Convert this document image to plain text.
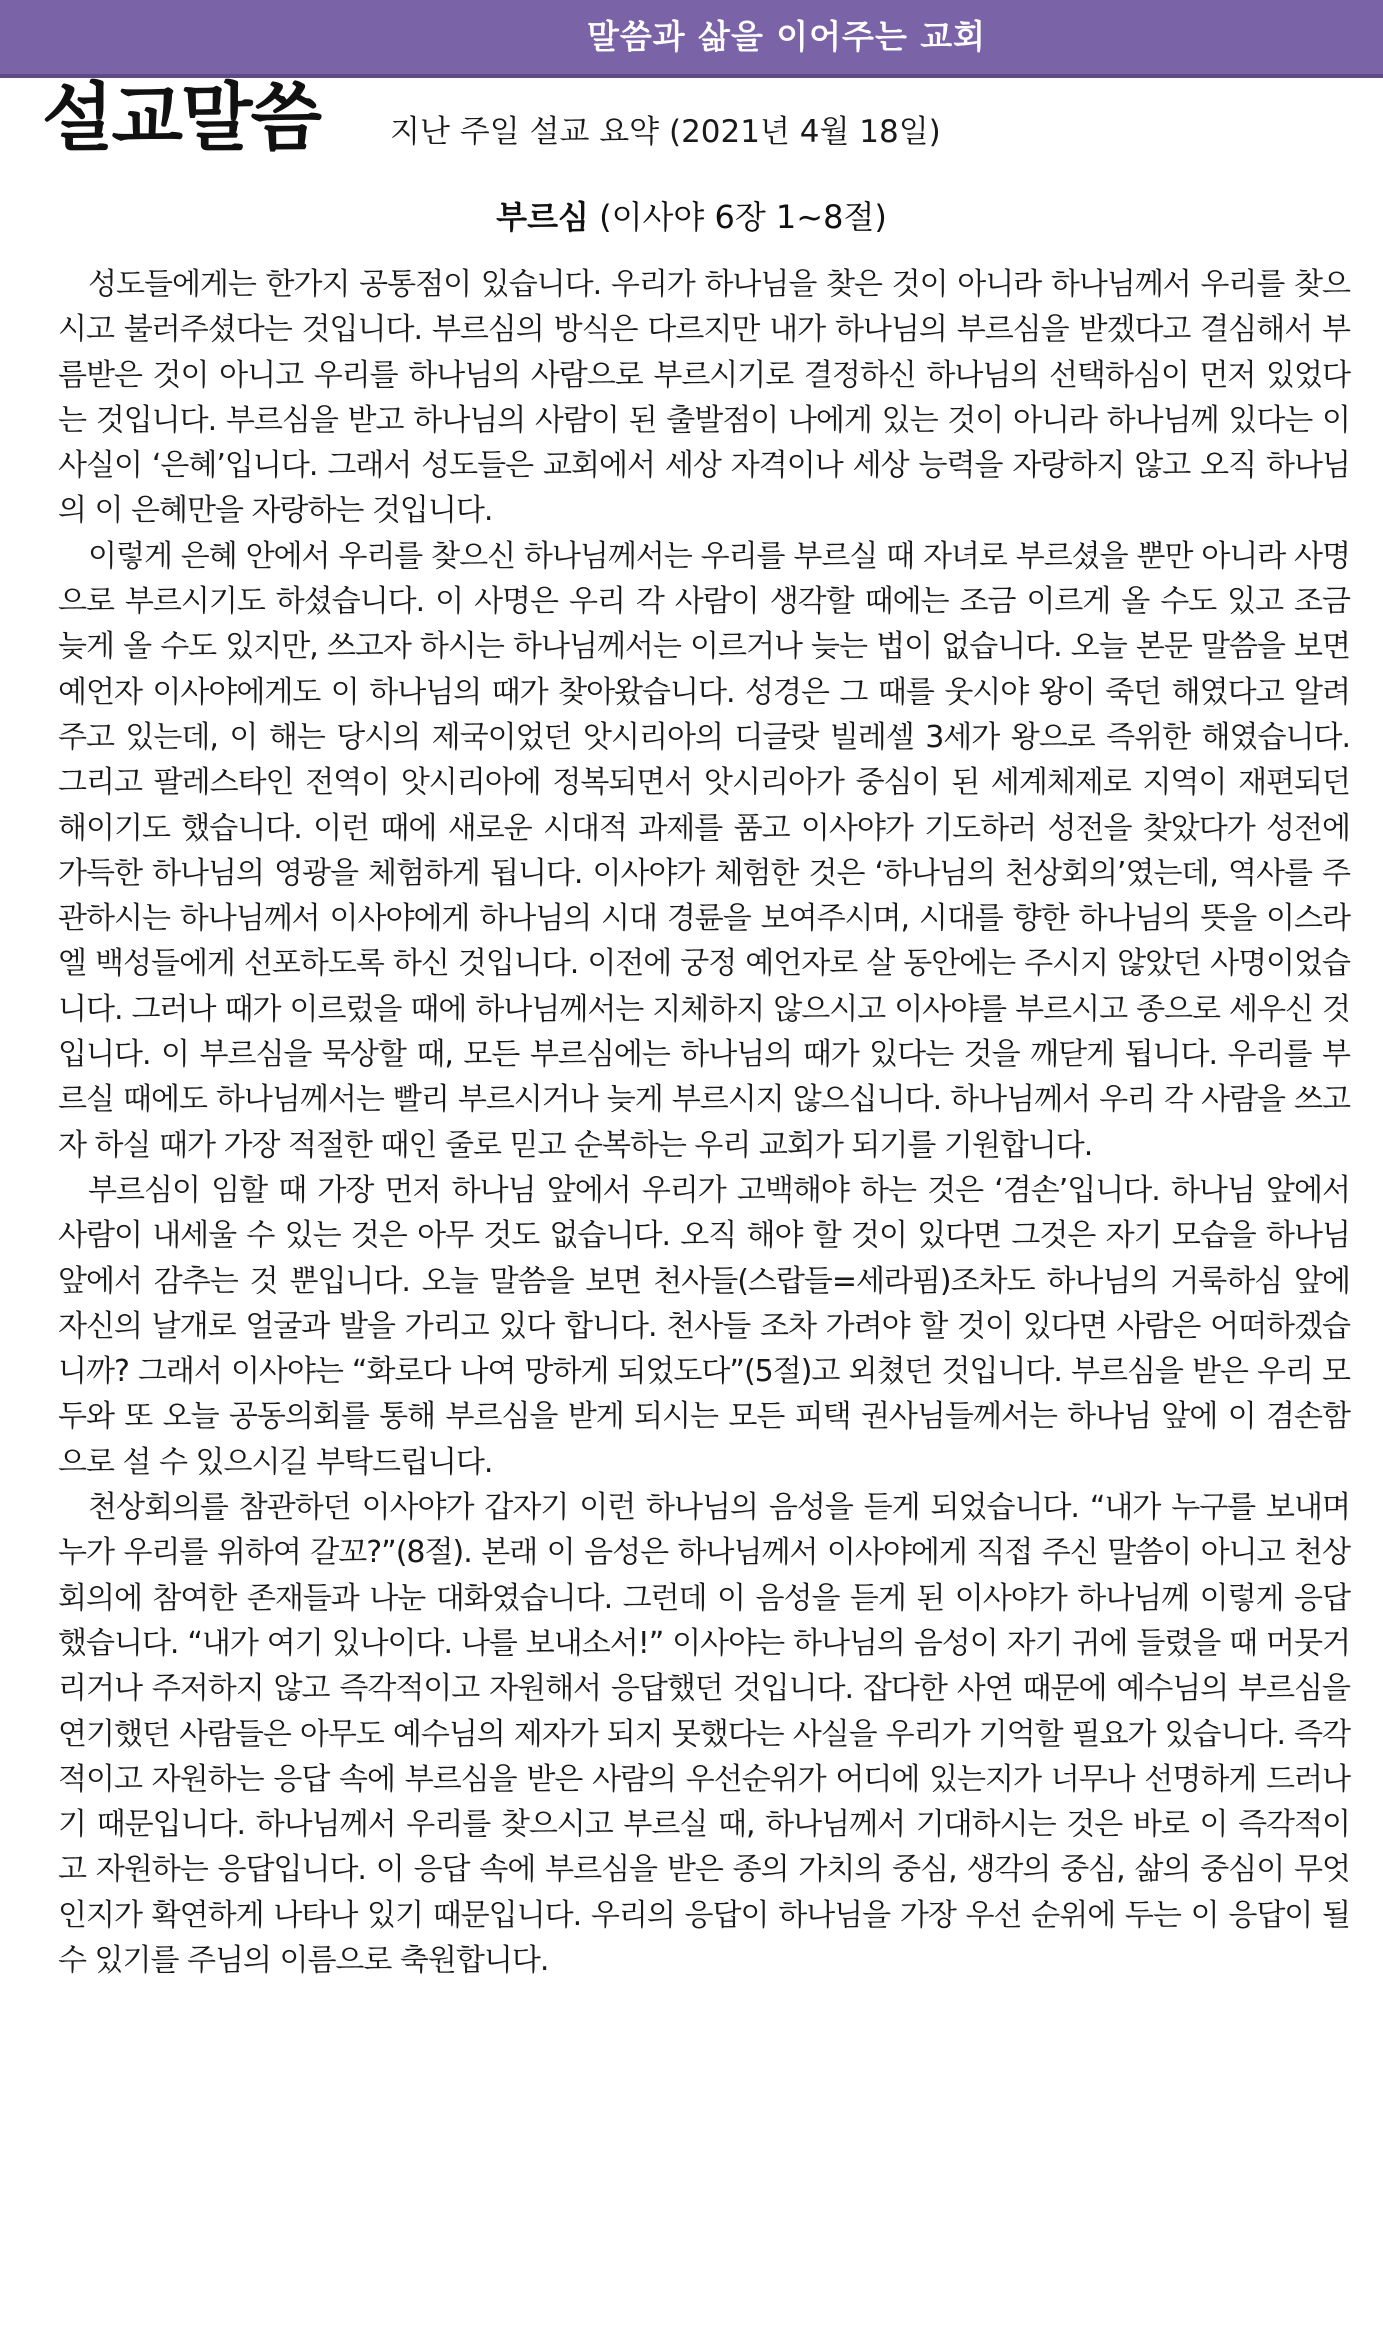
말씀과 삶을 이어주는 교회
설교말씀 지난 주일 설교 요약 (2021년 4월 18일)
부르심 (이사야 6장 1~8절)

성도들에게는 한가지 공통점이 있습니다. 우리가 하나님을 찾은 것이 아니라 하나님께서 우리를 찾으시고 불러주셨다는 것입니다. 부르심의 방식은 다르지만 내가 하나님의 부르심을 받겠다고 결심해서 부름받은 것이 아니고 우리를 하나님의 사람으로 부르시기로 결정하신 하나님의 선택하심이 먼저 있었다는 것입니다. 부르심을 받고 하나님의 사람이 된 출발점이 나에게 있는 것이 아니라 하나님께 있다는 이 사실이 ‘은혜’입니다. 그래서 성도들은 교회에서 세상 자격이나 세상 능력을 자랑하지 않고 오직 하나님의 이 은혜만을 자랑하는 것입니다.

이렇게 은혜 안에서 우리를 찾으신 하나님께서는 우리를 부르실 때 자녀로 부르셨을 뿐만 아니라 사명으로 부르시기도 하셨습니다. 이 사명은 우리 각 사람이 생각할 때에는 조금 이르게 올 수도 있고 조금 늦게 올 수도 있지만, 쓰고자 하시는 하나님께서는 이르거나 늦는 법이 없습니다. 오늘 본문 말씀을 보면 예언자 이사야에게도 이 하나님의 때가 찾아왔습니다. 성경은 그 때를 웃시야 왕이 죽던 해였다고 알려 주고 있는데, 이 해는 당시의 제국이었던 앗시리아의 디글랏 빌레셀 3세가 왕으로 즉위한 해였습니다. 그리고 팔레스타인 전역이 앗시리아에 정복되면서 앗시리아가 중심이 된 세계체제로 지역이 재편되던 해이기도 했습니다. 이런 때에 새로운 시대적 과제를 품고 이사야가 기도하러 성전을 찾았다가 성전에 가득한 하나님의 영광을 체험하게 됩니다. 이사야가 체험한 것은 ‘하나님의 천상회의’였는데, 역사를 주관하시는 하나님께서 이사야에게 하나님의 시대 경륜을 보여주시며, 시대를 향한 하나님의 뜻을 이스라엘 백성들에게 선포하도록 하신 것입니다. 이전에 궁정 예언자로 살 동안에는 주시지 않았던 사명이었습니다. 그러나 때가 이르렀을 때에 하나님께서는 지체하지 않으시고 이사야를 부르시고 종으로 세우신 것입니다. 이 부르심을 묵상할 때, 모든 부르심에는 하나님의 때가 있다는 것을 깨닫게 됩니다. 우리를 부르실 때에도 하나님께서는 빨리 부르시거나 늦게 부르시지 않으십니다. 하나님께서 우리 각 사람을 쓰고자 하실 때가 가장 적절한 때인 줄로 믿고 순복하는 우리 교회가 되기를 기원합니다.

부르심이 임할 때 가장 먼저 하나님 앞에서 우리가 고백해야 하는 것은 ‘겸손’입니다. 하나님 앞에서 사람이 내세울 수 있는 것은 아무 것도 없습니다. 오직 해야 할 것이 있다면 그것은 자기 모습을 하나님 앞에서 감추는 것 뿐입니다. 오늘 말씀을 보면 천사들(스랍들=세라핌)조차도 하나님의 거룩하심 앞에 자신의 날개로 얼굴과 발을 가리고 있다 합니다. 천사들 조차 가려야 할 것이 있다면 사람은 어떠하겠습니까? 그래서 이사야는 “화로다 나여 망하게 되었도다”(5절)고 외쳤던 것입니다. 부르심을 받은 우리 모두와 또 오늘 공동의회를 통해 부르심을 받게 되시는 모든 피택 권사님들께서는 하나님 앞에 이 겸손함으로 설 수 있으시길 부탁드립니다.

천상회의를 참관하던 이사야가 갑자기 이런 하나님의 음성을 듣게 되었습니다. “내가 누구를 보내며 누가 우리를 위하여 갈꼬?”(8절). 본래 이 음성은 하나님께서 이사야에게 직접 주신 말씀이 아니고 천상회의에 참여한 존재들과 나눈 대화였습니다. 그런데 이 음성을 듣게 된 이사야가 하나님께 이렇게 응답했습니다. “내가 여기 있나이다. 나를 보내소서!” 이사야는 하나님의 음성이 자기 귀에 들렸을 때 머뭇거리거나 주저하지 않고 즉각적이고 자원해서 응답했던 것입니다. 잡다한 사연 때문에 예수님의 부르심을 연기했던 사람들은 아무도 예수님의 제자가 되지 못했다는 사실을 우리가 기억할 필요가 있습니다. 즉각적이고 자원하는 응답 속에 부르심을 받은 사람의 우선순위가 어디에 있는지가 너무나 선명하게 드러나기 때문입니다. 하나님께서 우리를 찾으시고 부르실 때, 하나님께서 기대하시는 것은 바로 이 즉각적이고 자원하는 응답입니다. 이 응답 속에 부르심을 받은 종의 가치의 중심, 생각의 중심, 삶의 중심이 무엇인지가 확연하게 나타나 있기 때문입니다. 우리의 응답이 하나님을 가장 우선 순위에 두는 이 응답이 될 수 있기를 주님의 이름으로 축원합니다.
